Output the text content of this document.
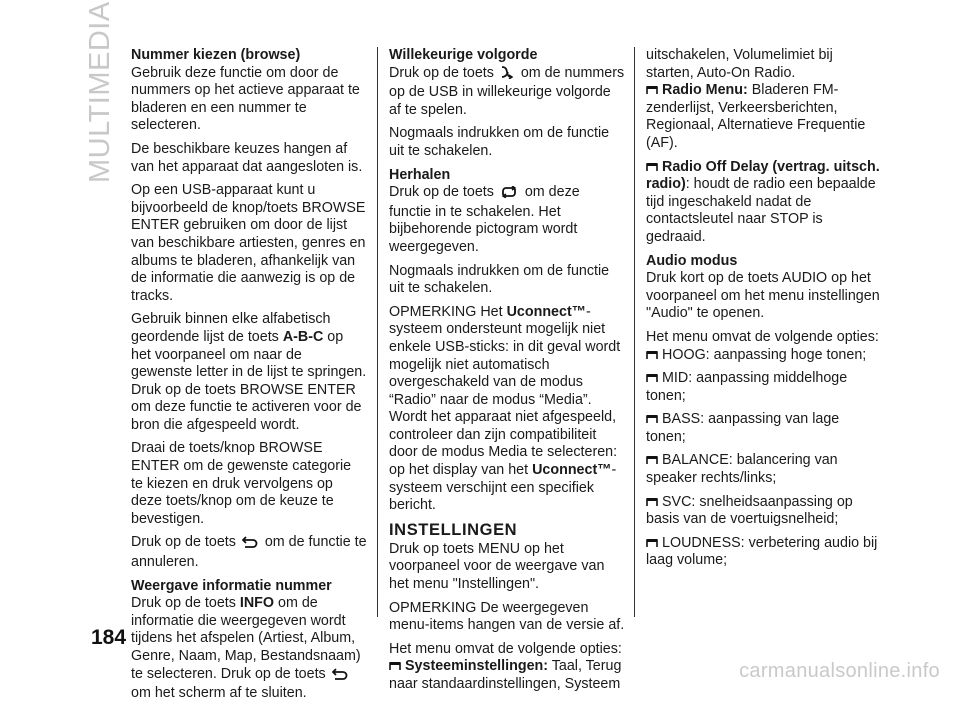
MULTIMEDIA
184
Nummer kiezen (browse)

Gebruik deze functie om door de nummers op het actieve apparaat te bladeren en een nummer te selecteren.

De beschikbare keuzes hangen af van het apparaat dat aangesloten is.

Op een USB-apparaat kunt u bijvoorbeeld de knop/toets BROWSE ENTER gebruiken om door de lijst van beschikbare artiesten, genres en albums te bladeren, afhankelijk van de informatie die aanwezig is op de tracks.

Gebruik binnen elke alfabetisch geordende lijst de toets A-B-C op het voorpaneel om naar de gewenste letter in de lijst te springen. Druk op de toets BROWSE ENTER om deze functie te activeren voor de bron die afgespeeld wordt.

Draai de toets/knop BROWSE ENTER om de gewenste categorie te kiezen en druk vervolgens op deze toets/knop om de keuze te bevestigen.

Druk op de toets  om de functie te annuleren.

Weergave informatie nummer

Druk op de toets INFO om de informatie die weergegeven wordt tijdens het afspelen (Artiest, Album, Genre, Naam, Map, Bestandsnaam) te selecteren. Druk op de toets  om het scherm af te sluiten.

Willekeurige volgorde

Druk op de toets  om de nummers op de USB in willekeurige volgorde af te spelen.

Nogmaals indrukken om de functie uit te schakelen.

Herhalen

Druk op de toets  om deze functie in te schakelen. Het bijbehorende pictogram wordt weergegeven.

Nogmaals indrukken om de functie uit te schakelen.

OPMERKING Het Uconnect™-systeem ondersteunt mogelijk niet enkele USB-sticks: in dit geval wordt mogelijk niet automatisch overgeschakeld van de modus “Radio” naar de modus “Media”. Wordt het apparaat niet afgespeeld, controleer dan zijn compatibiliteit door de modus Media te selecteren: op het display van het Uconnect™-systeem verschijnt een specifiek bericht.

INSTELLINGEN

Druk op toets MENU op het voorpaneel voor de weergave van het menu "Instellingen".

OPMERKING De weergegeven menu-items hangen van de versie af.

Het menu omvat de volgende opties:

Systeeminstellingen: Taal, Terug naar standaardinstellingen, Systeem

uitschakelen, Volumelimiet bij starten, Auto-On Radio.

Radio Menu: Bladeren FM-zenderlijst, Verkeersberichten, Regionaal, Alternatieve Frequentie (AF).

Radio Off Delay (vertrag. uitsch. radio): houdt de radio een bepaalde tijd ingeschakeld nadat de contactsleutel naar STOP is gedraaid.

Audio modus

Druk kort op de toets AUDIO op het voorpaneel om het menu instellingen "Audio" te openen.

Het menu omvat de volgende opties:

HOOG: aanpassing hoge tonen;

MID: aanpassing middelhoge tonen;

BASS: aanpassing van lage tonen;

BALANCE: balancering van speaker rechts/links;

SVC: snelheidsaanpassing op basis van de voertuigsnelheid;

LOUDNESS: verbetering audio bij laag volume;

carmanualsonline.info
